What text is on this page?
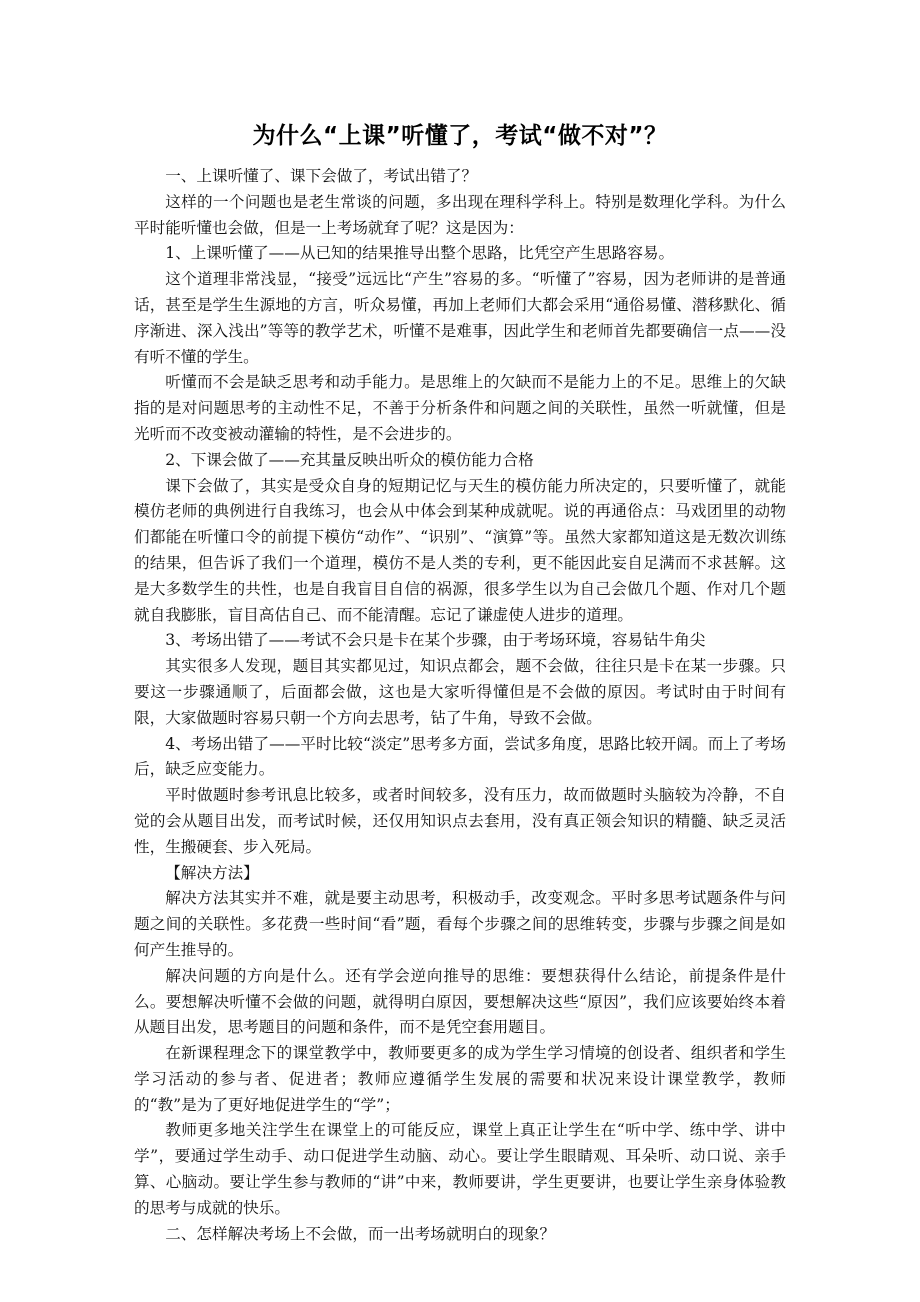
为什么“上课”听懂了，考试“做不对”？

一、上课听懂了、课下会做了，考试出错了？

这样的一个问题也是老生常谈的问题，多出现在理科学科上。特别是数理化学科。为什么平时能听懂也会做，但是一上考场就耷了呢？这是因为：

1、上课听懂了——从已知的结果推导出整个思路，比凭空产生思路容易。

这个道理非常浅显，“接受”远远比“产生”容易的多。“听懂了”容易，因为老师讲的是普通话，甚至是学生生源地的方言，听众易懂，再加上老师们大都会采用“通俗易懂、潜移默化、循序渐进、深入浅出”等等的教学艺术，听懂不是难事，因此学生和老师首先都要确信一点——没有听不懂的学生。

听懂而不会是缺乏思考和动手能力。是思维上的欠缺而不是能力上的不足。思维上的欠缺指的是对问题思考的主动性不足，不善于分析条件和问题之间的关联性，虽然一听就懂，但是光听而不改变被动灌输的特性，是不会进步的。

2、下课会做了——充其量反映出听众的模仿能力合格

课下会做了，其实是受众自身的短期记忆与天生的模仿能力所决定的，只要听懂了，就能模仿老师的典例进行自我练习，也会从中体会到某种成就呢。说的再通俗点：马戏团里的动物们都能在听懂口令的前提下模仿“动作”、“识别”、“演算”等。虽然大家都知道这是无数次训练的结果，但告诉了我们一个道理，模仿不是人类的专利，更不能因此妄自足满而不求甚解。这是大多数学生的共性，也是自我盲目自信的祸源，很多学生以为自己会做几个题、作对几个题就自我膨胀，盲目高估自己、而不能清醒。忘记了谦虚使人进步的道理。

3、考场出错了——考试不会只是卡在某个步骤，由于考场环境，容易钻牛角尖

其实很多人发现，题目其实都见过，知识点都会，题不会做，往往只是卡在某一步骤。只要这一步骤通顺了，后面都会做，这也是大家听得懂但是不会做的原因。考试时由于时间有限，大家做题时容易只朝一个方向去思考，钻了牛角，导致不会做。

4、考场出错了——平时比较“淡定”思考多方面，尝试多角度，思路比较开阔。而上了考场后，缺乏应变能力。

平时做题时参考讯息比较多，或者时间较多，没有压力，故而做题时头脑较为冷静，不自觉的会从题目出发，而考试时候，还仅用知识点去套用，没有真正领会知识的精髓、缺乏灵活性，生搬硬套、步入死局。

【解决方法】

解决方法其实并不难，就是要主动思考，积极动手，改变观念。平时多思考试题条件与问题之间的关联性。多花费一些时间“看”题，看每个步骤之间的思维转变，步骤与步骤之间是如何产生推导的。

解决问题的方向是什么。还有学会逆向推导的思维：要想获得什么结论，前提条件是什么。要想解决听懂不会做的问题，就得明白原因，要想解决这些“原因”，我们应该要始终本着从题目出发，思考题目的问题和条件，而不是凭空套用题目。

在新课程理念下的课堂教学中，教师要更多的成为学生学习情境的创设者、组织者和学生学习活动的参与者、促进者；教师应遵循学生发展的需要和状况来设计课堂教学，教师的“教”是为了更好地促进学生的“学”；

教师更多地关注学生在课堂上的可能反应，课堂上真正让学生在“听中学、练中学、讲中学”，要通过学生动手、动口促进学生动脑、动心。要让学生眼睛观、耳朵听、动口说、亲手算、心脑动。要让学生参与教师的“讲”中来，教师要讲，学生更要讲，也要让学生亲身体验教的思考与成就的快乐。

二、怎样解决考场上不会做，而一出考场就明白的现象？
